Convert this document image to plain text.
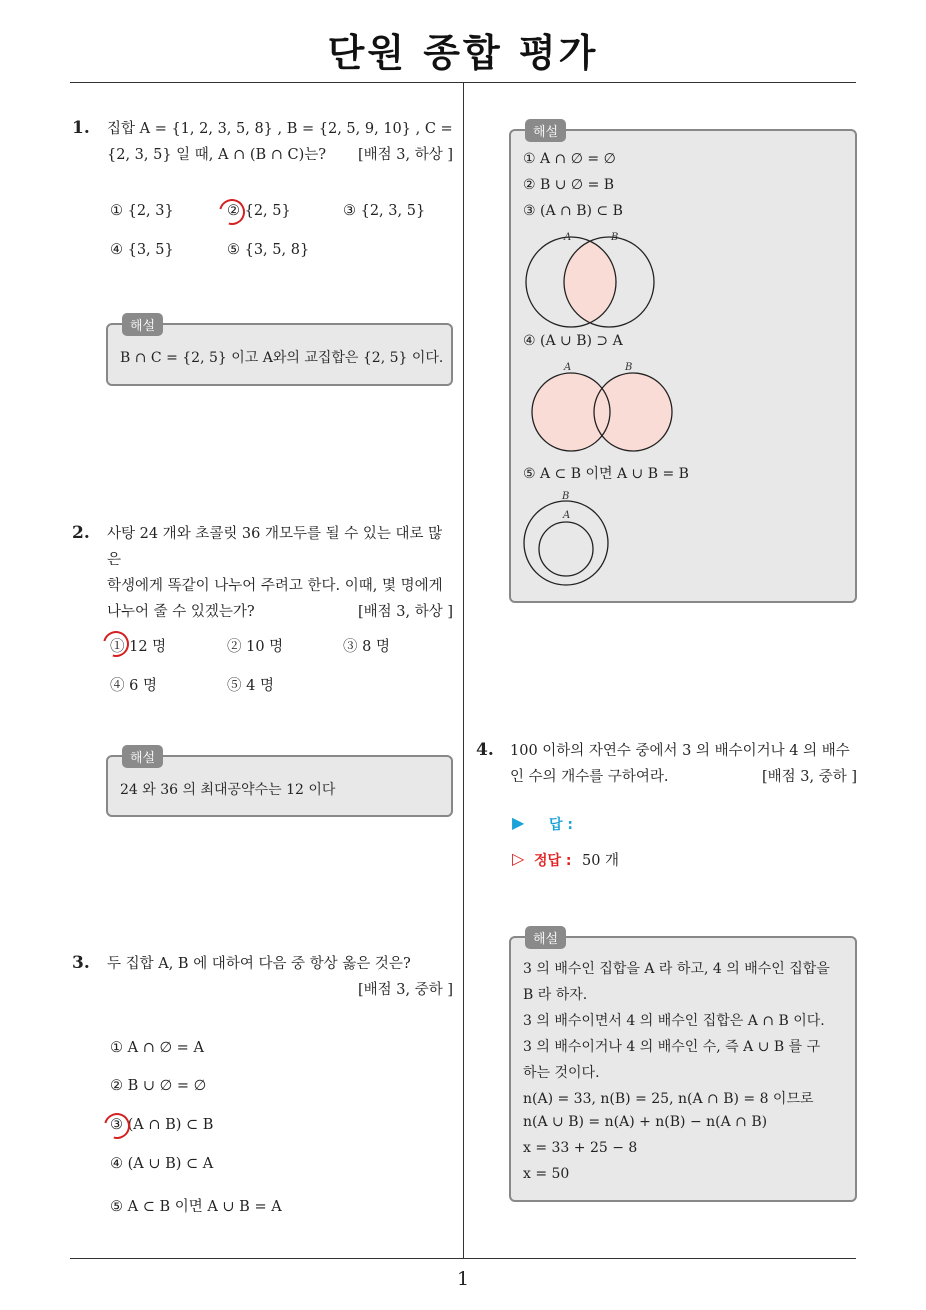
단원 종합 평가
1. 집합 A = {1, 2, 3, 5, 8} , B = {2, 5, 9, 10} , C =
{2, 3, 5} 일 때, A ∩ (B ∩ C)는? [배점 3, 하상 ]
① {2, 3}	② {2, 5}	③ {2, 3, 5}
④ {3, 5}	⑤ {3, 5, 8}
해설
B ∩ C = {2, 5} 이고 A와의 교집합은 {2, 5} 이다.
2. 사탕 24 개와 초콜릿 36 개모두를 될 수 있는 대로 많은
학생에게 똑같이 나누어 주려고 한다. 이때, 몇 명에게
나누어 줄 수 있겠는가?	[배점 3, 하상 ]
① 12 명	② 10 명	③ 8 명
④ 6 명	⑤ 4 명
해설
24 와 36 의 최대공약수는 12 이다
3. 두 집합 A, B 에 대하여 다음 중 항상 옳은 것은?
[배점 3, 중하 ]
① A ∩ ∅ = A
② B ∪ ∅ = ∅
③ (A ∩ B) ⊂ B
④ (A ∪ B) ⊂ A
⑤ A ⊂ B 이면 A ∪ B = A
해설
① A ∩ ∅ = ∅
② B ∪ ∅ = B
③ (A ∩ B) ⊂ B
A	B
④ (A ∪ B) ⊃ A
A	B
⑤ A ⊂ B 이면 A ∪ B = B
B
A
4. 100 이하의 자연수 중에서 3 의 배수이거나 4 의 배수
인 수의 개수를 구하여라.	[배점 3, 중하 ]
▶ 답 :
▷ 정답 : 50 개
해설
3 의 배수인 집합을 A 라 하고, 4 의 배수인 집합을
B 라 하자.
3 의 배수이면서 4 의 배수인 집합은 A ∩ B 이다.
3 의 배수이거나 4 의 배수인 수, 즉 A ∪ B 를 구
하는 것이다.
n(A) = 33, n(B) = 25, n(A ∩ B) = 8 이므로
n(A ∪ B) = n(A) + n(B) − n(A ∩ B)
x = 33 + 25 − 8
x = 50
1
